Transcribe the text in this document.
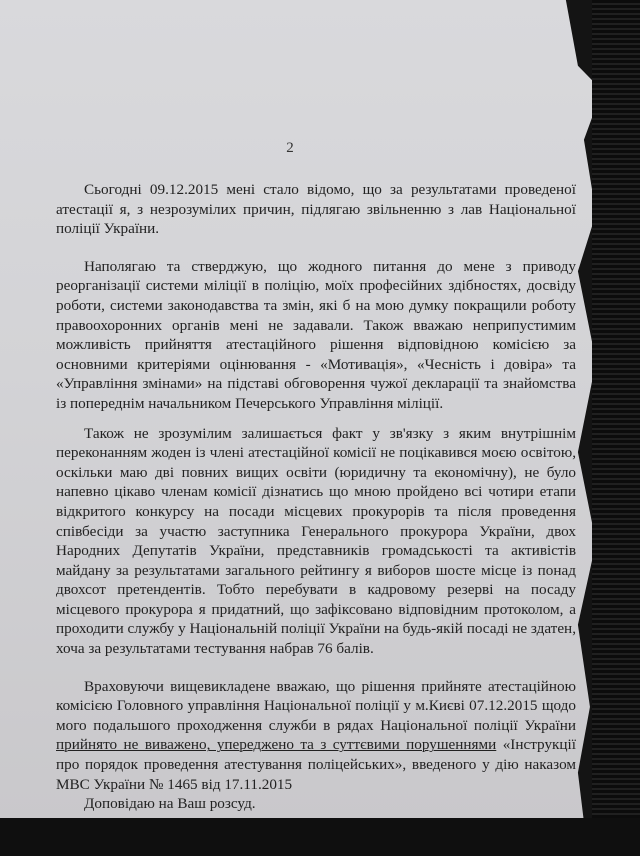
2

Сьогодні 09.12.2015 мені стало відомо, що за результатами проведеної атестації я, з незрозумілих причин, підлягаю звільненню з лав Національної поліції України.

Наполягаю та стверджую, що жодного питання до мене з приводу реорганізації системи міліції в поліцію, моїх професійних здібностях, досвіду роботи, системи законодавства та змін, які б на мою думку покращили роботу правоохоронних органів мені не задавали. Також вважаю неприпустимим можливість прийняття атестаційного рішення відповідною комісією за основними критеріями оцінювання - «Мотивація», «Чесність і довіра» та «Управління змінами» на підставі обговорення чужої декларації та знайомства із попереднім начальником Печерського Управління міліції.

Також не зрозумілим залишається факт у зв'язку з яким внутрішнім переконанням жоден із члені атестаційної комісії не поцікавився моєю освітою, оскільки маю дві повних вищих освіти (юридичну та економічну), не було напевно цікаво членам комісії дізнатись що мною пройдено всі чотири етапи відкритого конкурсу на посади місцевих прокурорів та після проведення співбесіди за участю заступника Генерального прокурора України, двох Народних Депутатів України, представників громадськості та активістів майдану за результатами загального рейтингу я виборов шосте місце із понад двохсот претендентів. Тобто перебувати в кадровому резерві на посаду місцевого прокурора я придатний, що зафіксовано відповідним протоколом, а проходити службу у Національній поліції України на будь-якій посаді не здатен, хоча за результатами тестування набрав 76 балів.

Враховуючи вищевикладене вважаю, що рішення прийняте атестаційною комісією Головного управління Національної поліції у м.Києві 07.12.2015 щодо мого подальшого проходження служби в рядах Національної поліції України прийнято не виважено, упереджено та з суттєвими порушеннями «Інструкції про порядок проведення атестування поліцейських», введеного у дію наказом МВС України № 1465 від 17.11.2015

Доповідаю на Ваш розсуд.
